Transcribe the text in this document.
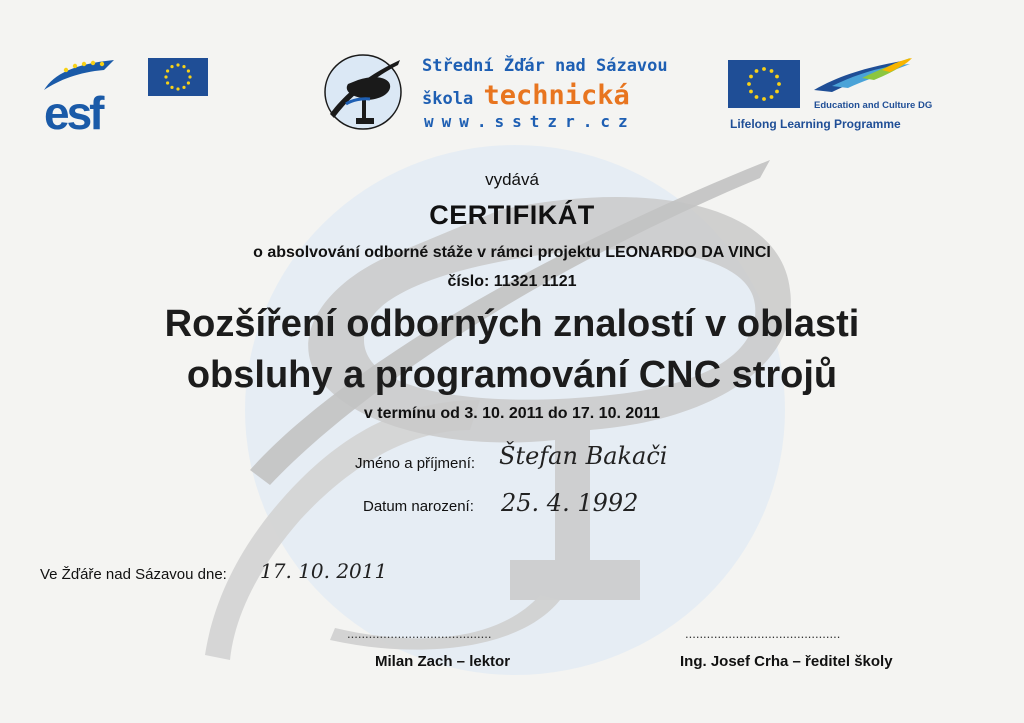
esf
Střední Žďár nad Sázavou
škola technická
www.sstzr.cz
Education and Culture DG
Lifelong Learning Programme
vydává
CERTIFIKÁT
o absolvování odborné stáže v rámci projektu LEONARDO DA VINCI
číslo: 11321 1121
Rozšíření odborných znalostí v oblasti
obsluhy a programování CNC strojů
v termínu od 3. 10. 2011 do 17. 10. 2011
Jméno a příjmení: Štefan Bakači
Datum narození: 25. 4. 1992
Ve Žďáře nad Sázavou dne: 17. 10. 2011
........................................	...........................................
Milan Zach – lektor	Ing. Josef Crha – ředitel školy
